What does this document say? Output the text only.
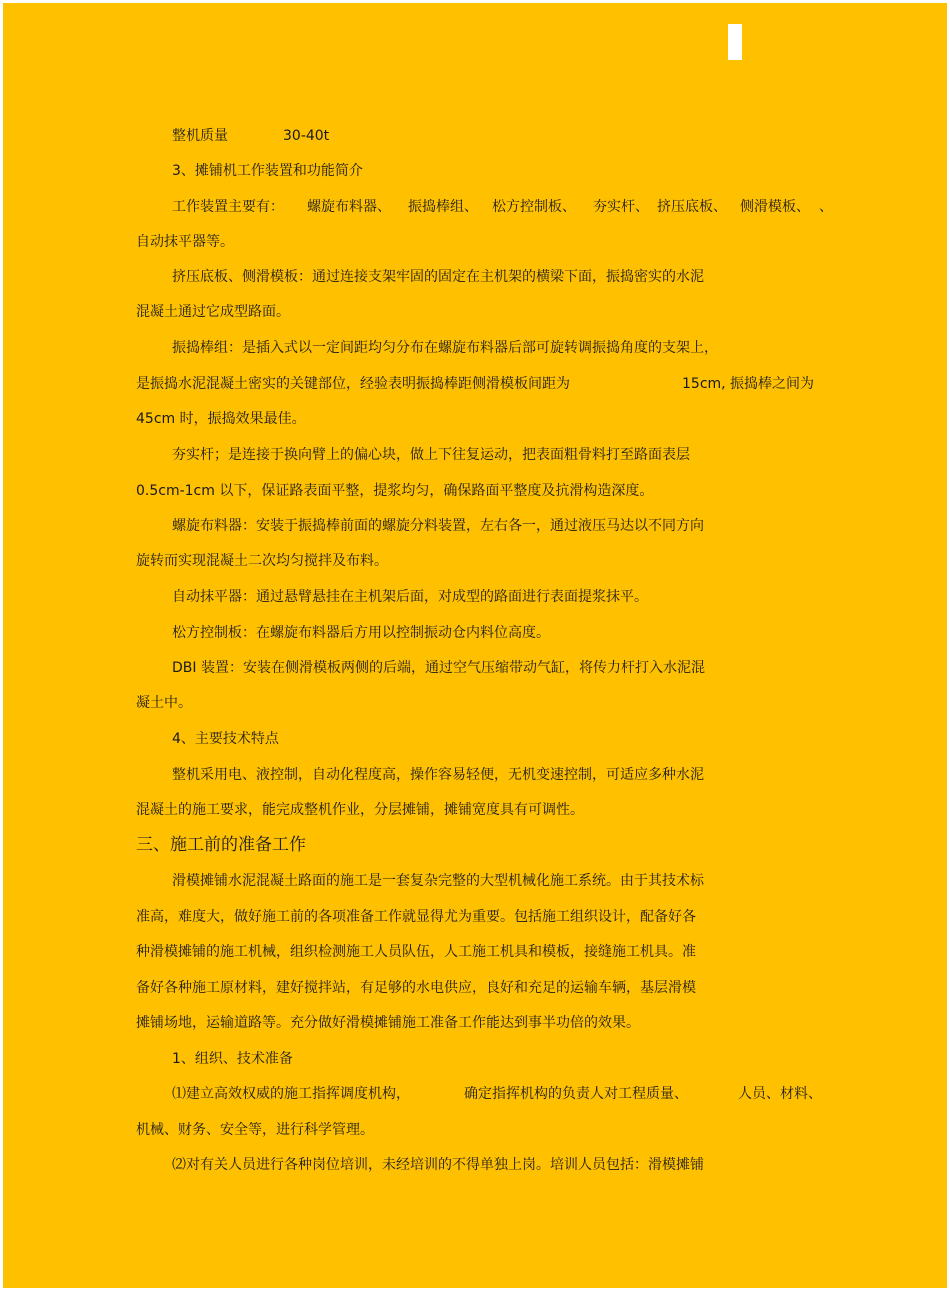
整机质量	30-40t
3、摊铺机工作装置和功能简介
工作装置主要有： 螺旋布料器、 振捣棒组、 松方控制板、 夯实杆、 挤压底板、 侧滑模板、 、
自动抹平器等。
挤压底板、侧滑模板：通过连接支架牢固的固定在主机架的横梁下面，振捣密实的水泥
混凝土通过它成型路面。
振捣棒组：是插入式以一定间距均匀分布在螺旋布料器后部可旋转调振捣角度的支架上，
是振捣水泥混凝土密实的关键部位，经验表明振捣棒距侧滑模板间距为	15cm, 振捣棒之间为
45cm 时，振捣效果最佳。
夯实杆；是连接于换向臂上的偏心块，做上下往复运动，把表面粗骨料打至路面表层
0.5cm-1cm 以下，保证路表面平整，提浆均匀，确保路面平整度及抗滑构造深度。
螺旋布料器：安装于振捣棒前面的螺旋分料装置，左右各一，通过液压马达以不同方向
旋转而实现混凝土二次均匀搅拌及布料。
自动抹平器：通过悬臂悬挂在主机架后面，对成型的路面进行表面提浆抹平。
松方控制板：在螺旋布料器后方用以控制振动仓内料位高度。
DBI 装置：安装在侧滑模板两侧的后端，通过空气压缩带动气缸，将传力杆打入水泥混
凝土中。
4、主要技术特点
整机采用电、液控制，自动化程度高，操作容易轻便，无机变速控制，可适应多种水泥
混凝土的施工要求，能完成整机作业，分层摊铺，摊铺宽度具有可调性。
三、施工前的准备工作
滑模摊铺水泥混凝土路面的施工是一套复杂完整的大型机械化施工系统。由于其技术标
准高，难度大，做好施工前的各项准备工作就显得尤为重要。包括施工组织设计，配备好各
种滑模摊铺的施工机械，组织检测施工人员队伍，人工施工机具和模板，接缝施工机具。准
备好各种施工原材料，建好搅拌站，有足够的水电供应，良好和充足的运输车辆，基层滑模
摊铺场地，运输道路等。充分做好滑模摊铺施工准备工作能达到事半功倍的效果。
1、组织、技术准备
⑴建立高效权威的施工指挥调度机构，	确定指挥机构的负责人对工程质量、	人员、材料、
机械、财务、安全等，进行科学管理。
⑵对有关人员进行各种岗位培训，未经培训的不得单独上岗。培训人员包括：滑模摊铺
